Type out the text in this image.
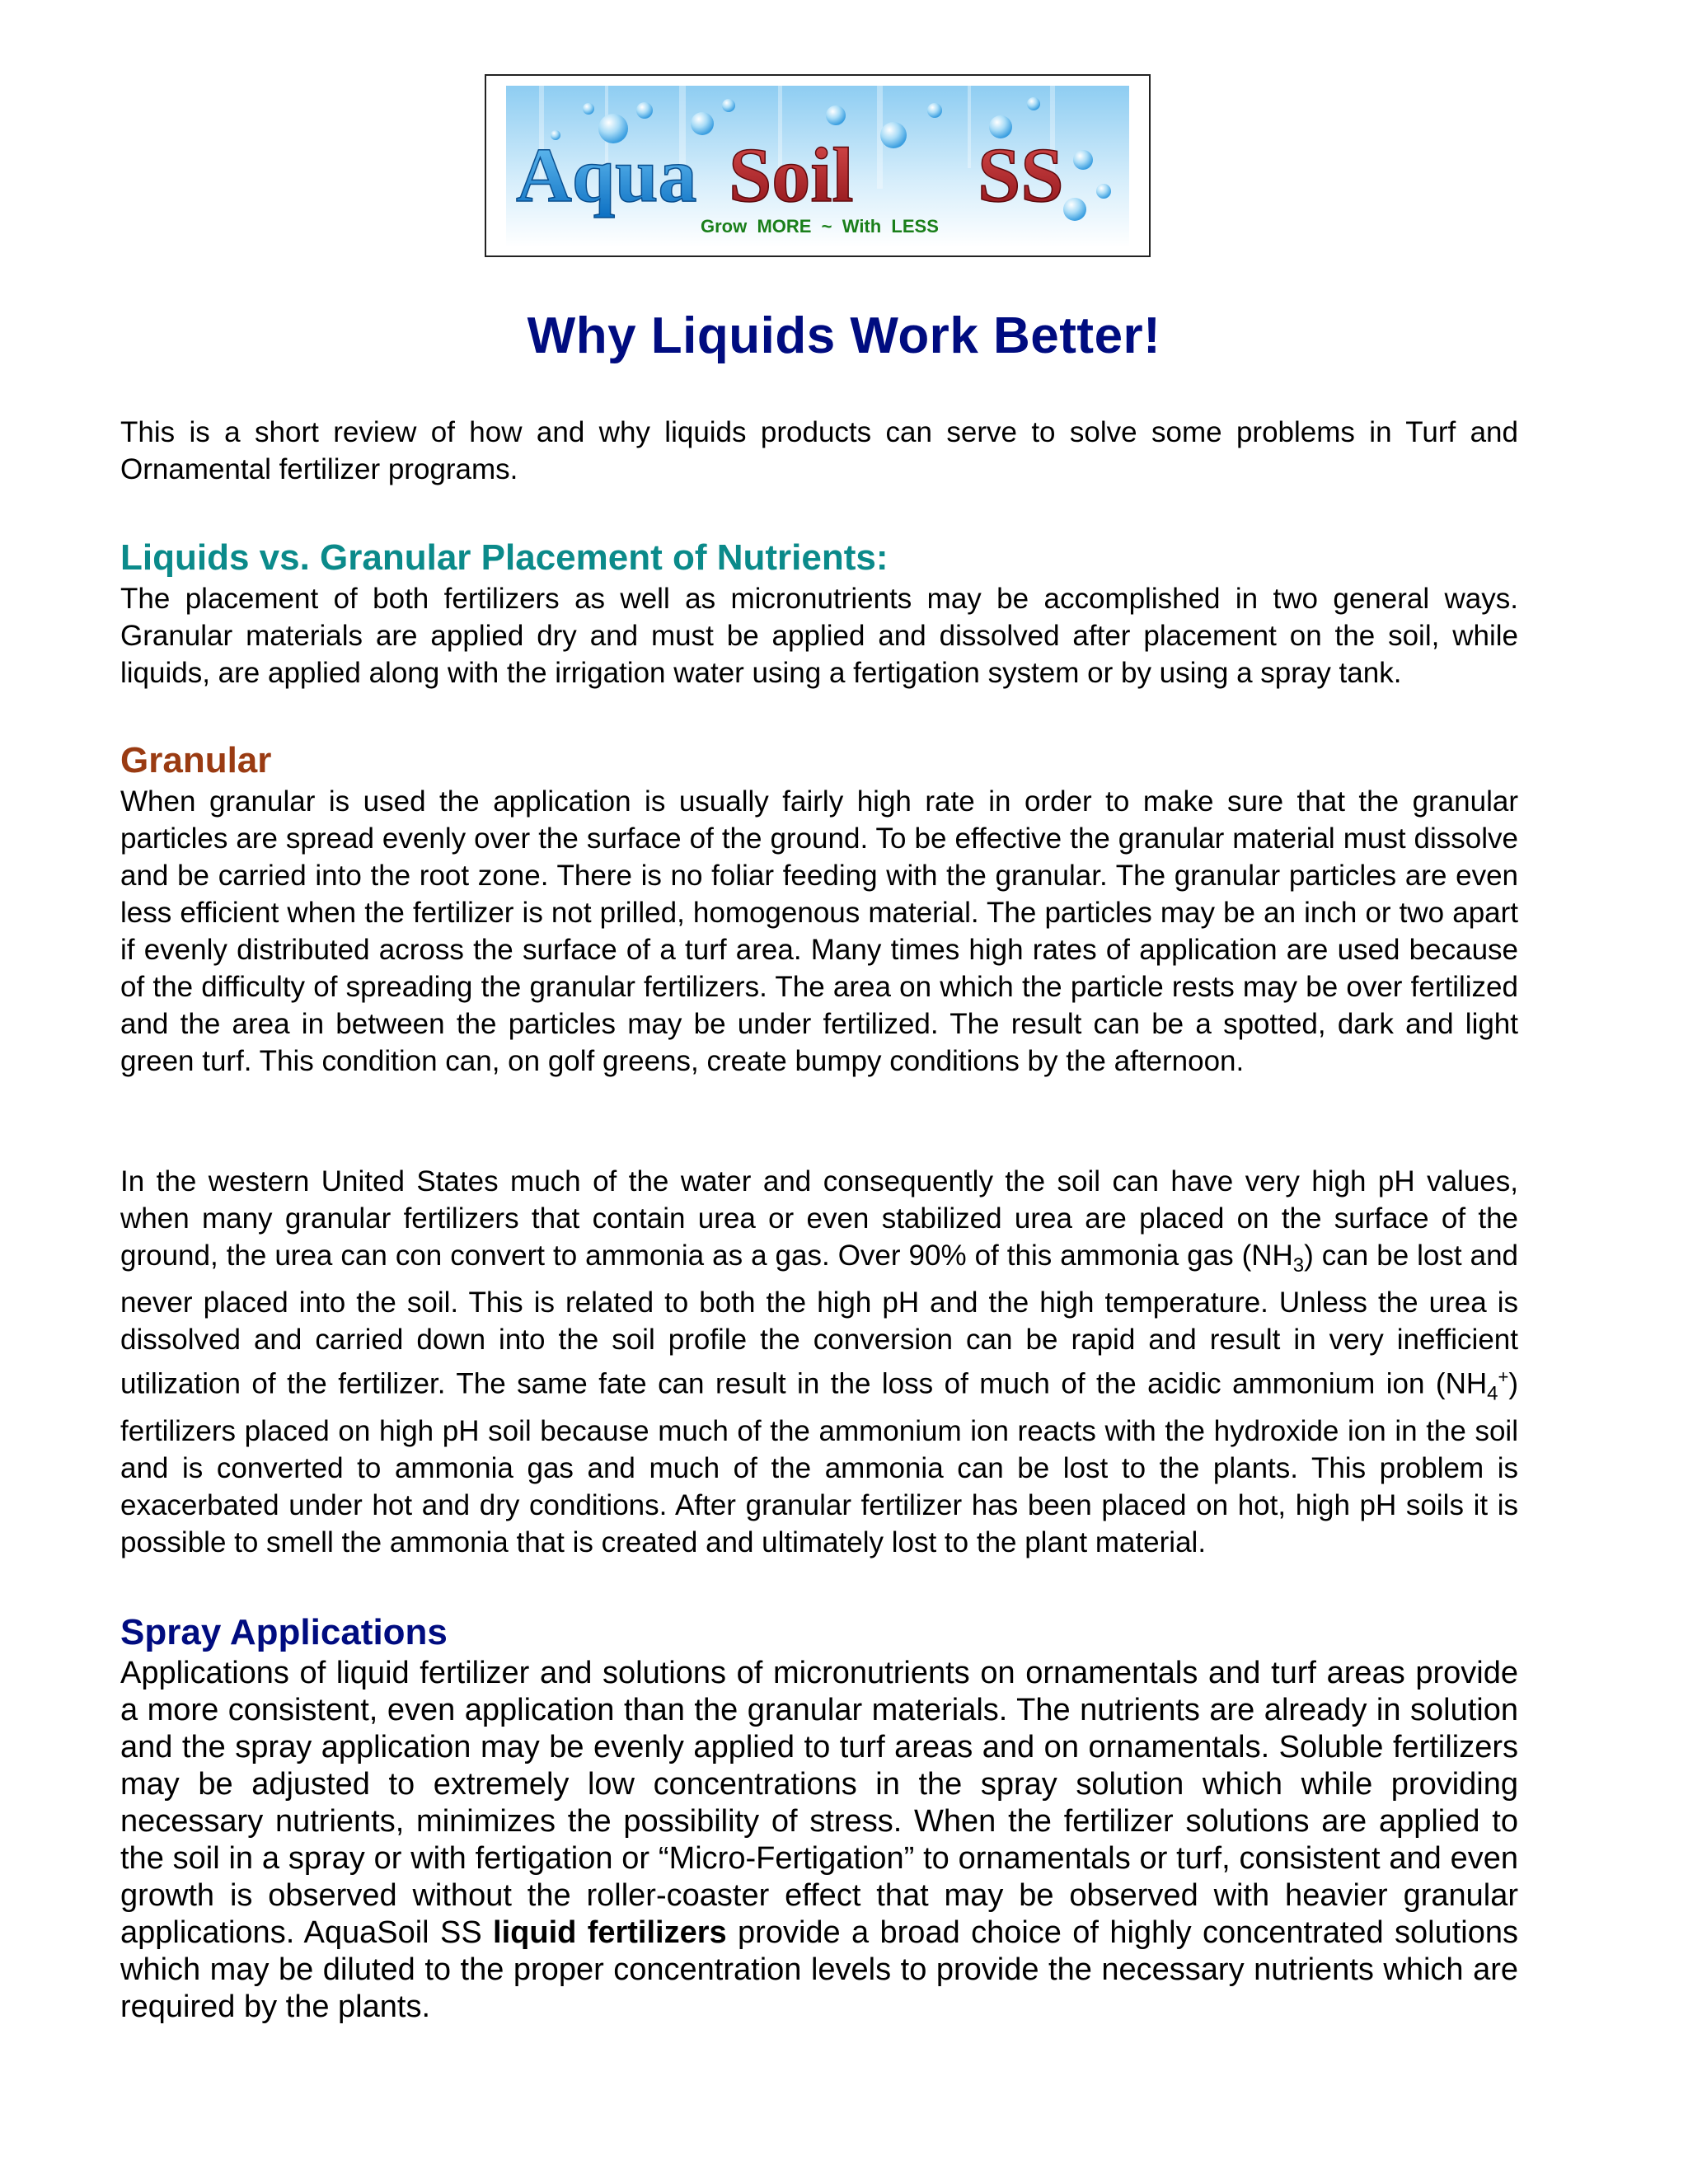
Aqua Soil SS
Grow  MORE  ~  With  LESS
Why Liquids Work Better!

This is a short review of how and why liquids products can serve to solve some problems in Turf and Ornamental fertilizer programs.

Liquids vs. Granular Placement of Nutrients:

The placement of both fertilizers as well as micronutrients may be accomplished in two general ways. Granular materials are applied dry and must be applied and dissolved after placement on the soil, while liquids, are applied along with the irrigation water using a fertigation system or by using a spray tank.

Granular

When granular is used the application is usually fairly high rate in order to make sure that the granular particles are spread evenly over the surface of the ground. To be effective the granular material must dissolve and be carried into the root zone. There is no foliar feeding with the granular. The granular particles are even less efficient when the fertilizer is not prilled, homogenous material. The particles may be an inch or two apart if evenly distributed across the surface of a turf area. Many times high rates of application are used because of the difficulty of spreading the granular fertilizers. The area on which the particle rests may be over fertilized and the area in between the particles may be under fertilized. The result can be a spotted, dark and light green turf. This condition can, on golf greens, create bumpy conditions by the afternoon.

In the western United States much of the water and consequently the soil can have very high pH values, when many granular fertilizers that contain urea or even stabilized urea are placed on the surface of the ground, the urea can con convert to ammonia as a gas. Over 90% of this ammonia gas $(NH_3)$ can be lost and never placed into the soil. This is related to both the high pH and the high temperature. Unless the urea is dissolved and carried down into the soil profile the conversion can be rapid and result in very inefficient utilization of the fertilizer. The same fate can result in the loss of much of the acidic ammonium ion $(NH_4^+)$ fertilizers placed on high pH soil because much of the ammonium ion reacts with the hydroxide ion in the soil and is converted to ammonia gas and much of the ammonia can be lost to the plants. This problem is exacerbated under hot and dry conditions. After granular fertilizer has been placed on hot, high pH soils it is possible to smell the ammonia that is created and ultimately lost to the plant material.

Spray Applications

Applications of liquid fertilizer and solutions of micronutrients on ornamentals and turf areas provide a more consistent, even application than the granular materials. The nutrients are already in solution and the spray application may be evenly applied to turf areas and on ornamentals. Soluble fertilizers may be adjusted to extremely low concentrations in the spray solution which while providing necessary nutrients, minimizes the possibility of stress. When the fertilizer solutions are applied to the soil in a spray or with fertigation or “Micro-Fertigation” to ornamentals or turf, consistent and even growth is observed without the roller-coaster effect that may be observed with heavier granular applications. AquaSoil SS liquid fertilizers provide a broad choice of highly concentrated solutions which may be diluted to the proper concentration levels to provide the necessary nutrients which are required by the plants.
